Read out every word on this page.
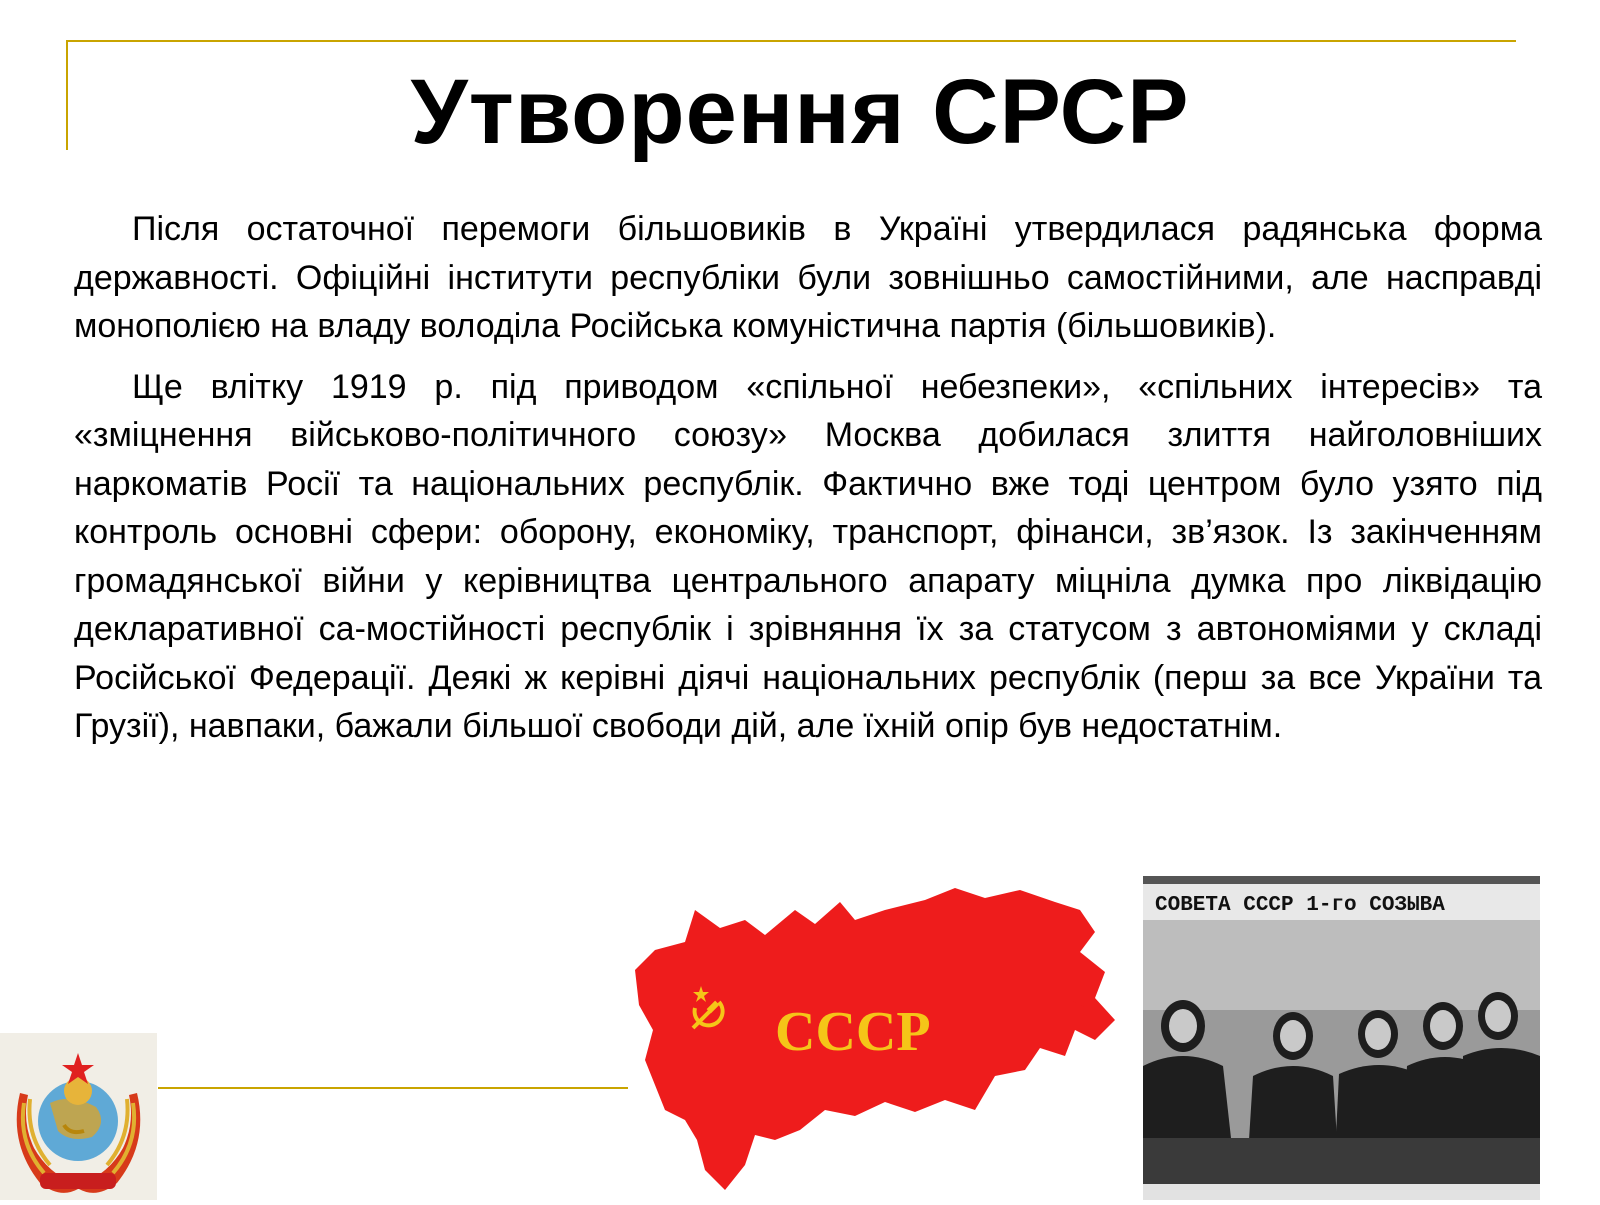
Утворення СРСР

Після остаточної перемоги більшовиків в Україні утвердилася радянська форма державності. Офіційні інститути республіки були зовнішньо самостійними, але насправді монополією на владу володіла Російська комуністична партія (більшовиків).

Ще влітку 1919 р. під приводом «спільної небезпеки», «спільних інтересів» та «зміцнення військово-політичного союзу» Москва добилася злиття найголовніших наркоматів Росії та національних республік. Фактично вже тоді центром було узято під контроль основні сфери: оборону, економіку, транспорт, фінанси, зв’язок. Із закінченням громадянської війни у керівництва центрального апарату міцніла думка про ліквідацію декларативної са-мостійності республік і зрівняння їх за статусом з автономіями у складі Російської Федерації. Деякі ж керівні діячі національних республік (перш за все України та Грузії), навпаки, бажали більшої свободи дій, але їхній опір був недостатнім.

СССР
СОВЕТА СССР 1-го СОЗЫВА
